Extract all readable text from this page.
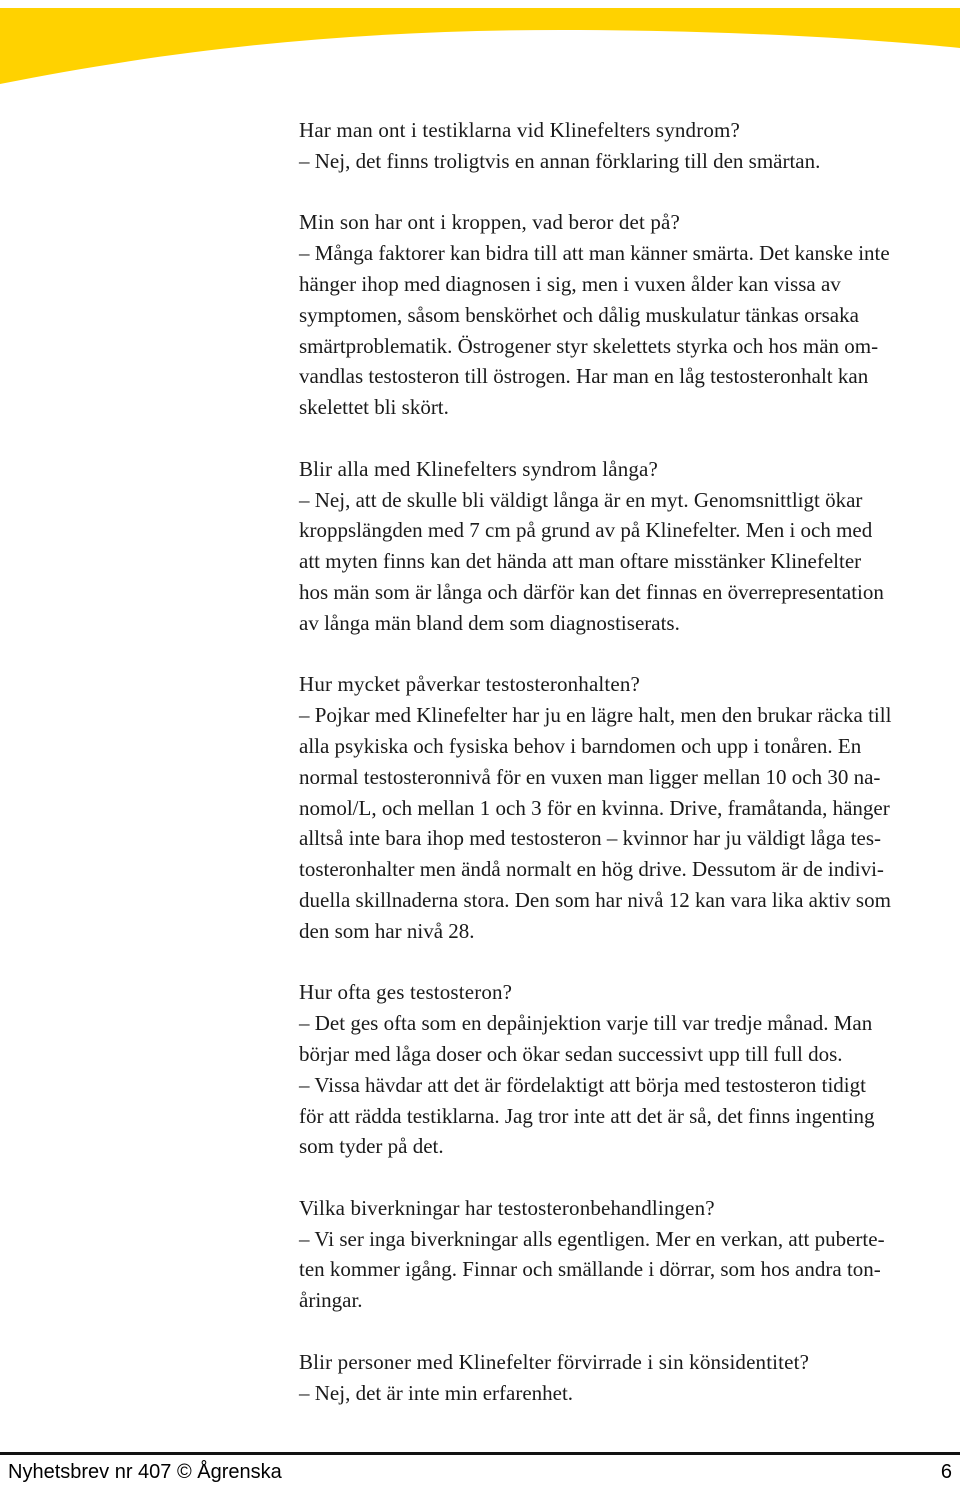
Har man ont i testiklarna vid Klinefelters syndrom?
– Nej, det finns troligtvis en annan förklaring till den smärtan.
Min son har ont i kroppen, vad beror det på?
– Många faktorer kan bidra till att man känner smärta. Det kanske inte
hänger ihop med diagnosen i sig, men i vuxen ålder kan vissa av
symptomen, såsom benskörhet och dålig muskulatur tänkas orsaka
smärtproblematik. Östrogener styr skelettets styrka och hos män om-
vandlas testosteron till östrogen. Har man en låg testosteronhalt kan
skelettet bli skört.
Blir alla med Klinefelters syndrom långa?
– Nej, att de skulle bli väldigt långa är en myt. Genomsnittligt ökar
kroppslängden med 7 cm på grund av på Klinefelter. Men i och med
att myten finns kan det hända att man oftare misstänker Klinefelter
hos män som är långa och därför kan det finnas en överrepresentation
av långa män bland dem som diagnostiserats.
Hur mycket påverkar testosteronhalten?
– Pojkar med Klinefelter har ju en lägre halt, men den brukar räcka till
alla psykiska och fysiska behov i barndomen och upp i tonåren. En
normal testosteronnivå för en vuxen man ligger mellan 10 och 30 na-
nomol/L, och mellan 1 och 3 för en kvinna. Drive, framåtanda, hänger
alltså inte bara ihop med testosteron – kvinnor har ju väldigt låga tes-
tosteronhalter men ändå normalt en hög drive. Dessutom är de indivi-
duella skillnaderna stora. Den som har nivå 12 kan vara lika aktiv som
den som har nivå 28.
Hur ofta ges testosteron?
– Det ges ofta som en depåinjektion varje till var tredje månad. Man
börjar med låga doser och ökar sedan successivt upp till full dos.
– Vissa hävdar att det är fördelaktigt att börja med testosteron tidigt
för att rädda testiklarna. Jag tror inte att det är så, det finns ingenting
som tyder på det.
Vilka biverkningar har testosteronbehandlingen?
– Vi ser inga biverkningar alls egentligen. Mer en verkan, att puberte-
ten kommer igång. Finnar och smällande i dörrar, som hos andra ton-
åringar.
Blir personer med Klinefelter förvirrade i sin könsidentitet?
– Nej, det är inte min erfarenhet.
Nyhetsbrev nr 407 © Ågrenska	6
